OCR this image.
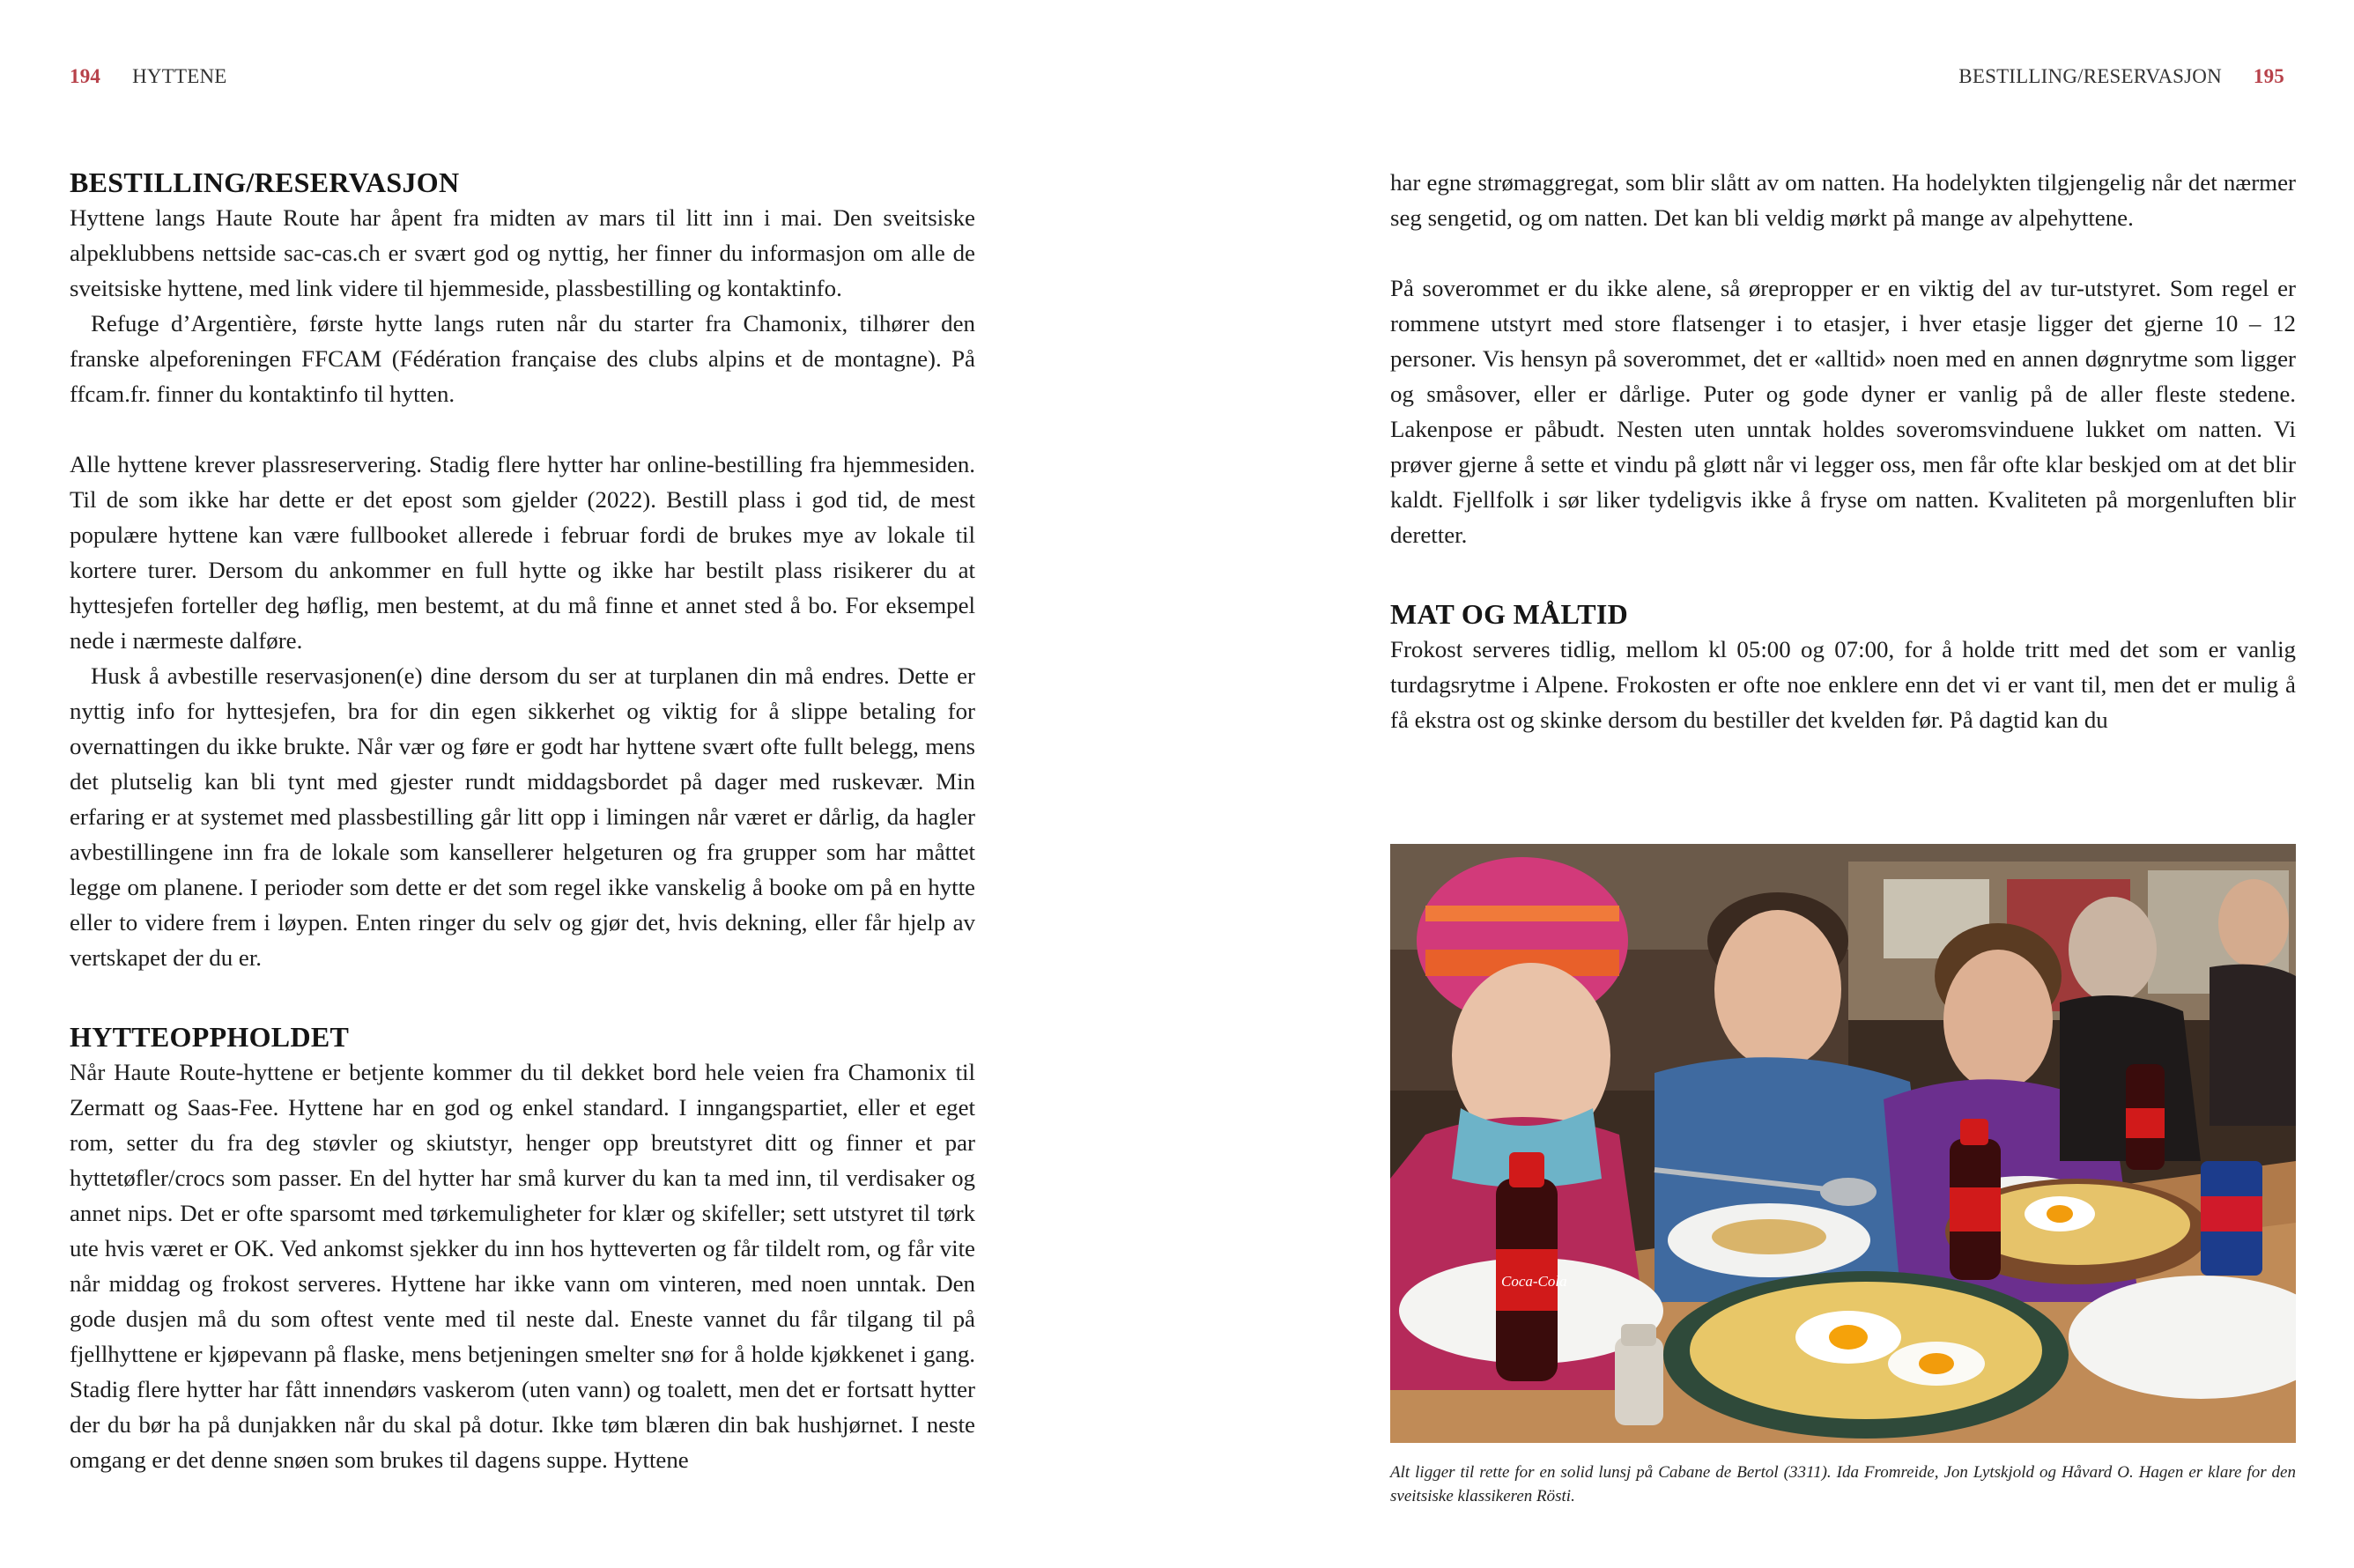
194 HYTTENE
BESTILLING/RESERVASJON

Hyttene langs Haute Route har åpent fra midten av mars til litt inn i mai. Den sveitsiske alpeklubbens nettside sac-cas.ch er svært god og nyttig, her finner du informasjon om alle de sveitsiske hyttene, med link videre til hjemmeside, plassbestilling og kontaktinfo.

Refuge d’Argentière, første hytte langs ruten når du starter fra Chamonix, tilhører den franske alpeforeningen FFCAM (Fédération française des clubs alpins et de montagne). På ffcam.fr. finner du kontaktinfo til hytten.

Alle hyttene krever plassreservering. Stadig flere hytter har online-bestilling fra hjemmesiden. Til de som ikke har dette er det epost som gjelder (2022). Bestill plass i god tid, de mest populære hyttene kan være fullbooket allerede i februar fordi de brukes mye av lokale til kortere turer. Dersom du ankommer en full hytte og ikke har bestilt plass risikerer du at hyttesjefen forteller deg høflig, men bestemt, at du må finne et annet sted å bo. For eksempel nede i nærmeste dalføre.

Husk å avbestille reservasjonen(e) dine dersom du ser at turplanen din må endres. Dette er nyttig info for hyttesjefen, bra for din egen sikkerhet og viktig for å slippe betaling for overnattingen du ikke brukte. Når vær og føre er godt har hyttene svært ofte fullt belegg, mens det plutselig kan bli tynt med gjester rundt middagsbordet på dager med ruskevær. Min erfaring er at systemet med plassbestilling går litt opp i limingen når været er dårlig, da hagler avbestillingene inn fra de lokale som kansellerer helgeturen og fra grupper som har måttet legge om planene. I perioder som dette er det som regel ikke vanskelig å booke om på en hytte eller to videre frem i løypen. Enten ringer du selv og gjør det, hvis dekning, eller får hjelp av vertskapet der du er.

HYTTEOPPHOLDET

Når Haute Route-hyttene er betjente kommer du til dekket bord hele veien fra Chamonix til Zermatt og Saas-Fee. Hyttene har en god og enkel standard. I inngangspartiet, eller et eget rom, setter du fra deg støvler og skiutstyr, henger opp breutstyret ditt og finner et par hyttetøfler/crocs som passer. En del hytter har små kurver du kan ta med inn, til verdisaker og annet nips. Det er ofte sparsomt med tørkemuligheter for klær og skifeller; sett utstyret til tørk ute hvis været er OK. Ved ankomst sjekker du inn hos hytteverten og får tildelt rom, og får vite når middag og frokost serveres. Hyttene har ikke vann om vinteren, med noen unntak. Den gode dusjen må du som oftest vente med til neste dal. Eneste vannet du får tilgang til på fjellhyttene er kjøpevann på flaske, mens betjeningen smelter snø for å holde kjøkkenet i gang. Stadig flere hytter har fått innendørs vaskerom (uten vann) og toalett, men det er fortsatt hytter der du bør ha på dunjakken når du skal på dotur. Ikke tøm blæren din bak hushjørnet. I neste omgang er det denne snøen som brukes til dagens suppe. Hyttene

BESTILLING/RESERVASJON 195

har egne strømaggregat, som blir slått av om natten. Ha hodelykten tilgjengelig når det nærmer seg sengetid, og om natten. Det kan bli veldig mørkt på mange av alpehyttene.

På soverommet er du ikke alene, så ørepropper er en viktig del av tur-utstyret. Som regel er rommene utstyrt med store flatsenger i to etasjer, i hver etasje ligger det gjerne 10 – 12 personer. Vis hensyn på soverommet, det er «alltid» noen med en annen døgnrytme som ligger og småsover, eller er dårlige. Puter og gode dyner er vanlig på de aller fleste stedene. Lakenpose er påbudt. Nesten uten unntak holdes soveromsvinduene lukket om natten. Vi prøver gjerne å sette et vindu på gløtt når vi legger oss, men får ofte klar beskjed om at det blir kaldt. Fjellfolk i sør liker tydeligvis ikke å fryse om natten. Kvaliteten på morgenluften blir deretter.

MAT OG MÅLTID

Frokost serveres tidlig, mellom kl 05:00 og 07:00, for å holde tritt med det som er vanlig turdagsrytme i Alpene. Frokosten er ofte noe enklere enn det vi er vant til, men det er mulig å få ekstra ost og skinke dersom du bestiller det kvelden før. På dagtid kan du

Coca-Cola
Alt ligger til rette for en solid lunsj på Cabane de Bertol (3311). Ida Fromreide, Jon Lytskjold og Håvard O. Hagen er klare for den sveitsiske klassikeren Rösti.
